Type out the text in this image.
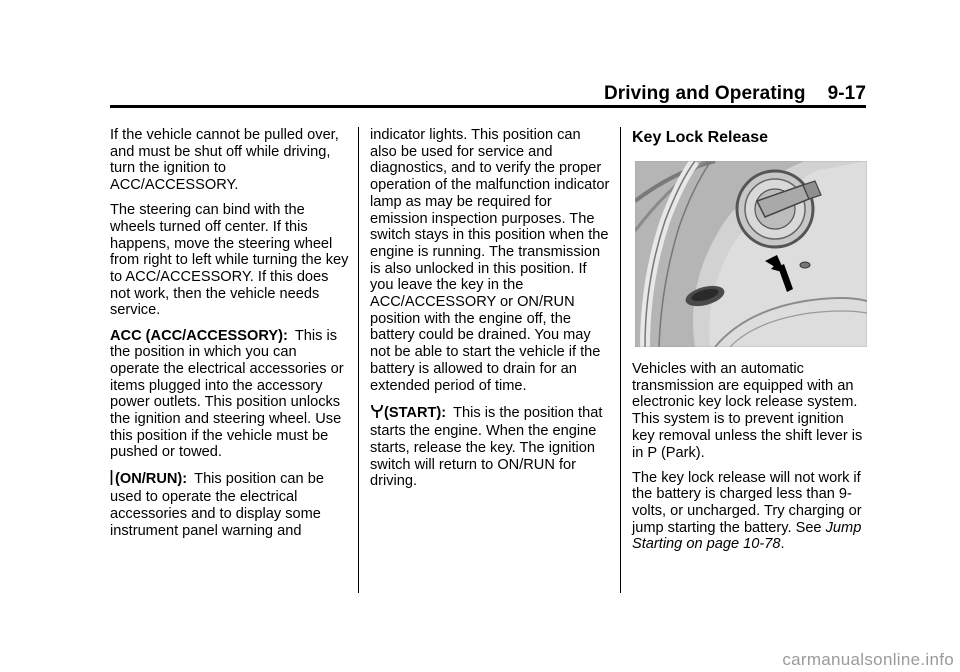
Driving and Operating 9-17

If the vehicle cannot be pulled over, and must be shut off while driving, turn the ignition to ACC/ACCESSORY.

The steering can bind with the wheels turned off center. If this happens, move the steering wheel from right to left while turning the key to ACC/ACCESSORY. If this does not work, then the vehicle needs service.

ACC (ACC/ACCESSORY): This is the position in which you can operate the electrical accessories or items plugged into the accessory power outlets. This position unlocks the ignition and steering wheel. Use this position if the vehicle must be pushed or towed.

(ON/RUN): This position can be used to operate the electrical accessories and to display some instrument panel warning and

indicator lights. This position can also be used for service and diagnostics, and to verify the proper operation of the malfunction indicator lamp as may be required for emission inspection purposes. The switch stays in this position when the engine is running. The transmission is also unlocked in this position. If you leave the key in the ACC/ACCESSORY or ON/RUN position with the engine off, the battery could be drained. You may not be able to start the vehicle if the battery is allowed to drain for an extended period of time.

(START): This is the position that starts the engine. When the engine starts, release the key. The ignition switch will return to ON/RUN for driving.

Key Lock Release

Vehicles with an automatic transmission are equipped with an electronic key lock release system. This system is to prevent ignition key removal unless the shift lever is in P (Park).

The key lock release will not work if the battery is charged less than 9-volts, or uncharged. Try charging or jump starting the battery. See Jump Starting on page 10-78.

carmanualsonline.info
